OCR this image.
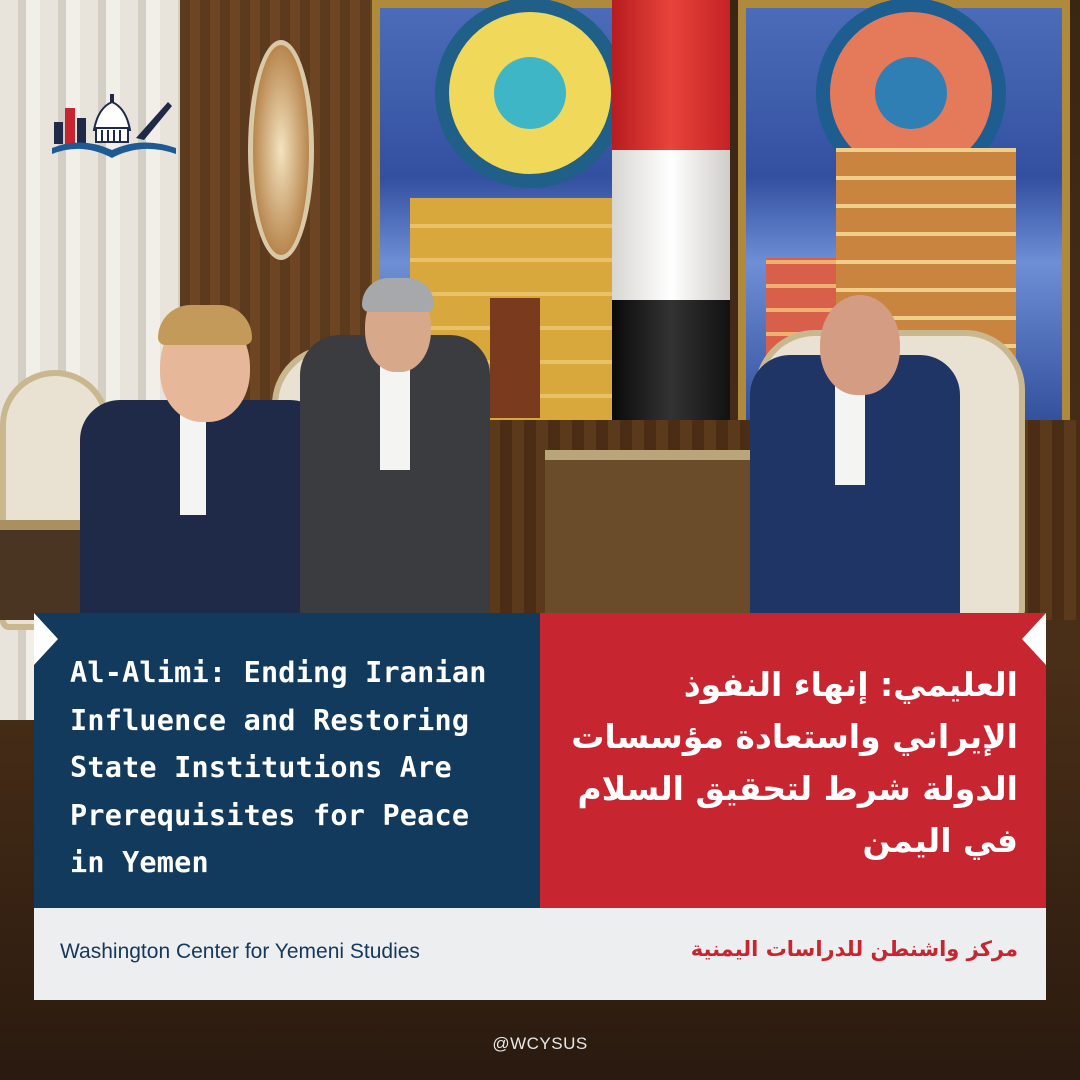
Al-Alimi: Ending Iranian Influence and Restoring State Institutions Are Prerequisites for Peace in Yemen

العليمي: إنهاء النفوذ الإيراني واستعادة مؤسسات الدولة شرط لتحقيق السلام في اليمن

Washington Center for Yemeni Studies	مركز واشنطن للدراسات اليمنية

@WCYSUS
